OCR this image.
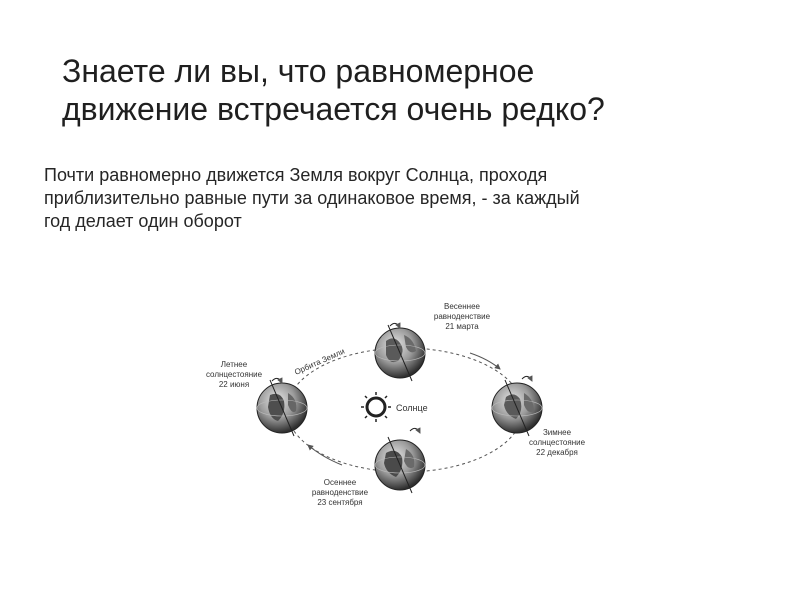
Знаете ли вы, что равномерное
движение встречается очень редко?

Почти равномерно движется Земля вокруг Солнца, проходя
приблизительно равные пути за одинаковое время, - за каждый
год делает один оборот

Орбита Земли
Солнце
Весеннее
равноденствие
21 марта
Летнее
солнцестояние
22 июня
Зимнее
солнцестояние
22 декабря
Осеннее
равноденствие
23 сентября
